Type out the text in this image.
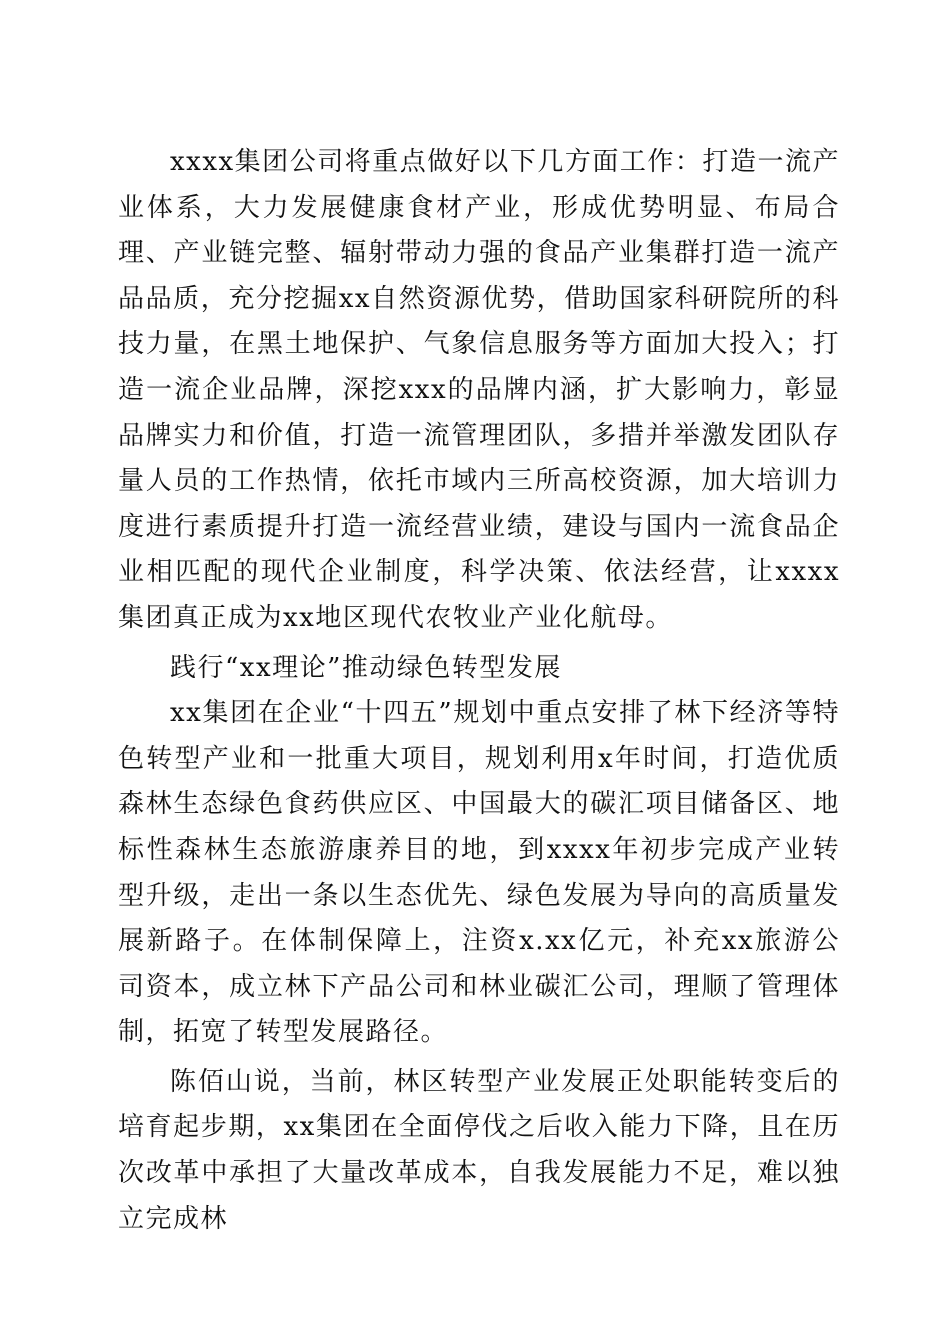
xxxx集团公司将重点做好以下几方面工作：打造一流产业体系，大力发展健康食材产业，形成优势明显、布局合理、产业链完整、辐射带动力强的食品产业集群打造一流产品品质，充分挖掘xx自然资源优势，借助国家科研院所的科技力量，在黑土地保护、气象信息服务等方面加大投入；打造一流企业品牌，深挖xxx的品牌内涵，扩大影响力，彰显品牌实力和价值，打造一流管理团队，多措并举激发团队存量人员的工作热情，依托市域内三所高校资源，加大培训力度进行素质提升打造一流经营业绩，建设与国内一流食品企业相匹配的现代企业制度，科学决策、依法经营，让xxxx集团真正成为xx地区现代农牧业产业化航母。

践行“xx理论”推动绿色转型发展

xx集团在企业“十四五”规划中重点安排了林下经济等特色转型产业和一批重大项目，规划利用x年时间，打造优质森林生态绿色食药供应区、中国最大的碳汇项目储备区、地标性森林生态旅游康养目的地，到xxxx年初步完成产业转型升级，走出一条以生态优先、绿色发展为导向的高质量发展新路子。在体制保障上，注资x.xx亿元，补充xx旅游公司资本，成立林下产品公司和林业碳汇公司，理顺了管理体制，拓宽了转型发展路径。

陈佰山说，当前，林区转型产业发展正处职能转变后的培育起步期，xx集团在全面停伐之后收入能力下降，且在历次改革中承担了大量改革成本，自我发展能力不足，难以独立完成林
